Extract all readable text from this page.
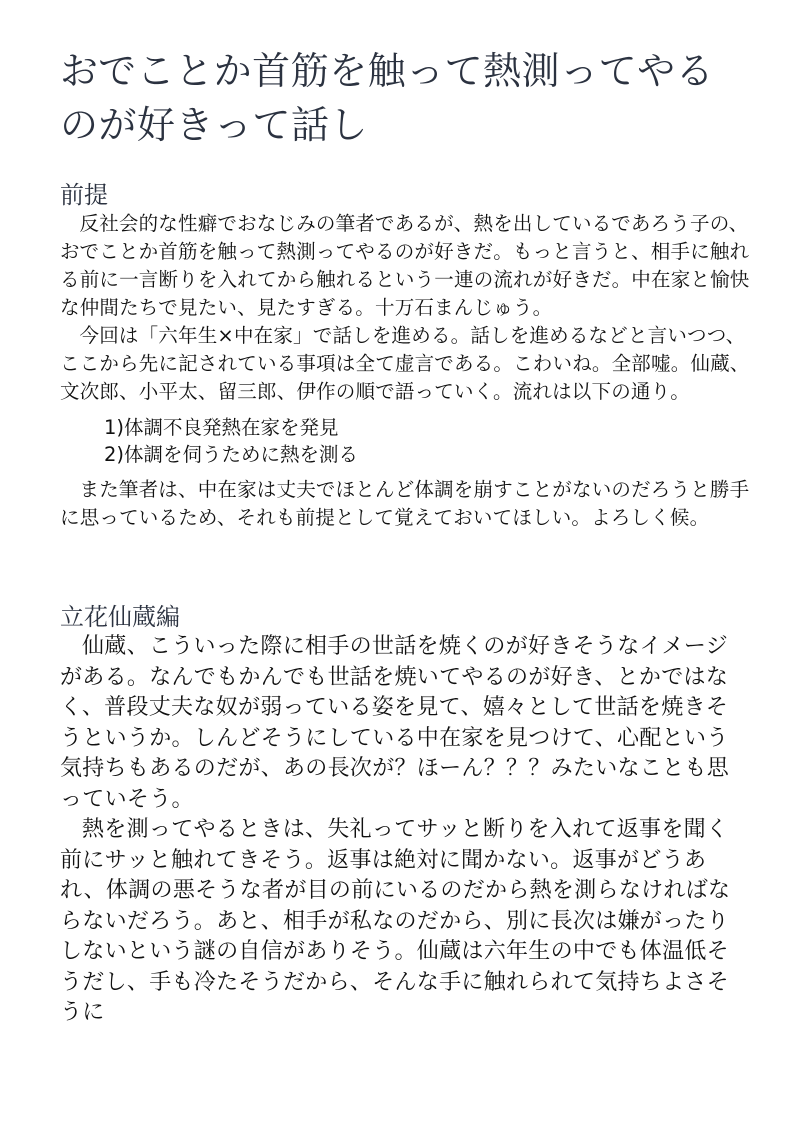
おでことか首筋を触って熱測ってやるのが好きって話し
前提

反社会的な性癖でおなじみの筆者であるが、熱を出しているであろう子の、おでことか首筋を触って熱測ってやるのが好きだ。もっと言うと、相手に触れる前に一言断りを入れてから触れるという一連の流れが好きだ。中在家と愉快な仲間たちで見たい、見たすぎる。十万石まんじゅう。

今回は「六年生×中在家」で話しを進める。話しを進めるなどと言いつつ、ここから先に記されている事項は全て虚言である。こわいね。全部嘘。仙蔵、文次郎、小平太、留三郎、伊作の順で語っていく。流れは以下の通り。

1)体調不良発熱在家を発見
2)体調を伺うために熱を測る

また筆者は、中在家は丈夫でほとんど体調を崩すことがないのだろうと勝手に思っているため、それも前提として覚えておいてほしい。よろしく候。

立花仙蔵編

仙蔵、こういった際に相手の世話を焼くのが好きそうなイメージがある。なんでもかんでも世話を焼いてやるのが好き、とかではなく、普段丈夫な奴が弱っている姿を見て、嬉々として世話を焼きそうというか。しんどそうにしている中在家を見つけて、心配という気持ちもあるのだが、あの長次が？ほーん？？？みたいなことも思っていそう。

熱を測ってやるときは、失礼ってサッと断りを入れて返事を聞く前にサッと触れてきそう。返事は絶対に聞かない。返事がどうあれ、体調の悪そうな者が目の前にいるのだから熱を測らなければならないだろう。あと、相手が私なのだから、別に長次は嫌がったりしないという謎の自信がありそう。仙蔵は六年生の中でも体温低そうだし、手も冷たそうだから、そんな手に触れられて気持ちよさそうに
